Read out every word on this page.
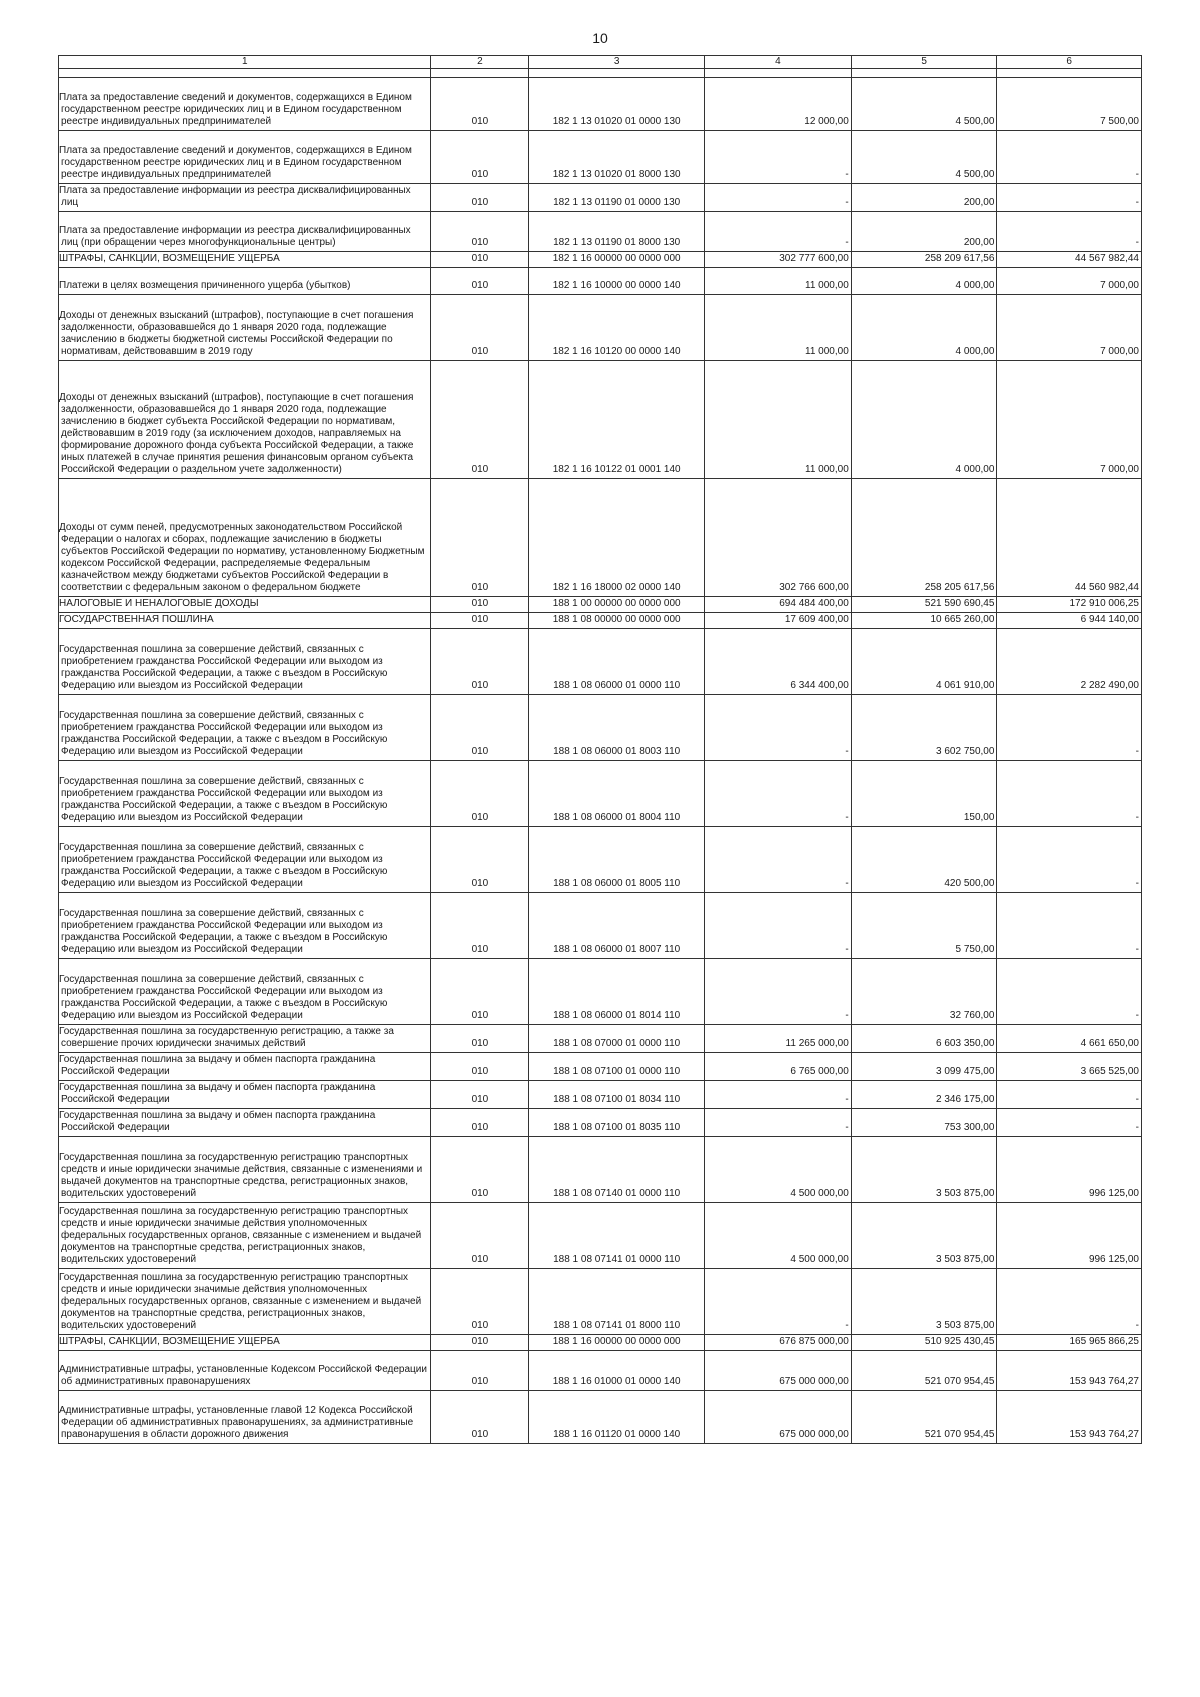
10
1	2	3	4	5	6

Плата за предоставление сведений и документов, содержащихся в Едином государственном реестре юридических лиц и в Едином государственном реестре индивидуальных предпринимателей	010	182 1 13 01020 01 0000 130	12 000,00	4 500,00	7 500,00
Плата за предоставление сведений и документов, содержащихся в Едином государственном реестре юридических лиц и в Едином государственном реестре индивидуальных предпринимателей	010	182 1 13 01020 01 8000 130	-	4 500,00	-
Плата за предоставление информации из реестра дисквалифицированных лиц	010	182 1 13 01190 01 0000 130	-	200,00	-
Плата за предоставление информации из реестра дисквалифицированных лиц (при обращении через многофункциональные центры)	010	182 1 13 01190 01 8000 130	-	200,00	-
ШТРАФЫ, САНКЦИИ, ВОЗМЕЩЕНИЕ УЩЕРБА	010	182 1 16 00000 00 0000 000	302 777 600,00	258 209 617,56	44 567 982,44
Платежи в целях возмещения причиненного ущерба (убытков)	010	182 1 16 10000 00 0000 140	11 000,00	4 000,00	7 000,00
Доходы от денежных взысканий (штрафов), поступающие в счет погашения задолженности, образовавшейся до 1 января 2020 года, подлежащие зачислению в бюджеты бюджетной системы Российской Федерации по нормативам, действовавшим в 2019 году	010	182 1 16 10120 00 0000 140	11 000,00	4 000,00	7 000,00
Доходы от денежных взысканий (штрафов), поступающие в счет погашения задолженности, образовавшейся до 1 января 2020 года, подлежащие зачислению в бюджет субъекта Российской Федерации по нормативам, действовавшим в 2019 году (за исключением доходов, направляемых на формирование дорожного фонда субъекта Российской Федерации, а также иных платежей в случае принятия решения финансовым органом субъекта Российской Федерации о раздельном учете задолженности)	010	182 1 16 10122 01 0001 140	11 000,00	4 000,00	7 000,00
Доходы от сумм пеней, предусмотренных законодательством Российской Федерации о налогах и сборах, подлежащие зачислению в бюджеты субъектов Российской Федерации по нормативу, установленному Бюджетным кодексом Российской Федерации, распределяемые Федеральным казначейством между бюджетами субъектов Российской Федерации в соответствии с федеральным законом о федеральном бюджете	010	182 1 16 18000 02 0000 140	302 766 600,00	258 205 617,56	44 560 982,44
НАЛОГОВЫЕ И НЕНАЛОГОВЫЕ ДОХОДЫ	010	188 1 00 00000 00 0000 000	694 484 400,00	521 590 690,45	172 910 006,25
ГОСУДАРСТВЕННАЯ ПОШЛИНА	010	188 1 08 00000 00 0000 000	17 609 400,00	10 665 260,00	6 944 140,00
Государственная пошлина за совершение действий, связанных с приобретением гражданства Российской Федерации или выходом из гражданства Российской Федерации, а также с въездом в Российскую Федерацию или выездом из Российской Федерации	010	188 1 08 06000 01 0000 110	6 344 400,00	4 061 910,00	2 282 490,00
Государственная пошлина за совершение действий, связанных с приобретением гражданства Российской Федерации или выходом из гражданства Российской Федерации, а также с въездом в Российскую Федерацию или выездом из Российской Федерации	010	188 1 08 06000 01 8003 110	-	3 602 750,00	-
Государственная пошлина за совершение действий, связанных с приобретением гражданства Российской Федерации или выходом из гражданства Российской Федерации, а также с въездом в Российскую Федерацию или выездом из Российской Федерации	010	188 1 08 06000 01 8004 110	-	150,00	-
Государственная пошлина за совершение действий, связанных с приобретением гражданства Российской Федерации или выходом из гражданства Российской Федерации, а также с въездом в Российскую Федерацию или выездом из Российской Федерации	010	188 1 08 06000 01 8005 110	-	420 500,00	-
Государственная пошлина за совершение действий, связанных с приобретением гражданства Российской Федерации или выходом из гражданства Российской Федерации, а также с въездом в Российскую Федерацию или выездом из Российской Федерации	010	188 1 08 06000 01 8007 110	-	5 750,00	-
Государственная пошлина за совершение действий, связанных с приобретением гражданства Российской Федерации или выходом из гражданства Российской Федерации, а также с въездом в Российскую Федерацию или выездом из Российской Федерации	010	188 1 08 06000 01 8014 110	-	32 760,00	-
Государственная пошлина за государственную регистрацию, а также за совершение прочих юридически значимых действий	010	188 1 08 07000 01 0000 110	11 265 000,00	6 603 350,00	4 661 650,00
Государственная пошлина за выдачу и обмен паспорта гражданина Российской Федерации	010	188 1 08 07100 01 0000 110	6 765 000,00	3 099 475,00	3 665 525,00
Государственная пошлина за выдачу и обмен паспорта гражданина Российской Федерации	010	188 1 08 07100 01 8034 110	-	2 346 175,00	-
Государственная пошлина за выдачу и обмен паспорта гражданина Российской Федерации	010	188 1 08 07100 01 8035 110	-	753 300,00	-
Государственная пошлина за государственную регистрацию транспортных средств и иные юридически значимые действия, связанные с изменениями и выдачей документов на транспортные средства, регистрационных знаков, водительских удостоверений	010	188 1 08 07140 01 0000 110	4 500 000,00	3 503 875,00	996 125,00
Государственная пошлина за государственную регистрацию транспортных средств и иные юридически значимые действия уполномоченных федеральных государственных органов, связанные с изменением и выдачей документов на транспортные средства, регистрационных знаков, водительских удостоверений	010	188 1 08 07141 01 0000 110	4 500 000,00	3 503 875,00	996 125,00
Государственная пошлина за государственную регистрацию транспортных средств и иные юридически значимые действия уполномоченных федеральных государственных органов, связанные с изменением и выдачей документов на транспортные средства, регистрационных знаков, водительских удостоверений	010	188 1 08 07141 01 8000 110	-	3 503 875,00	-
ШТРАФЫ, САНКЦИИ, ВОЗМЕЩЕНИЕ УЩЕРБА	010	188 1 16 00000 00 0000 000	676 875 000,00	510 925 430,45	165 965 866,25
Административные штрафы, установленные Кодексом Российской Федерации об административных правонарушениях	010	188 1 16 01000 01 0000 140	675 000 000,00	521 070 954,45	153 943 764,27
Административные штрафы, установленные главой 12 Кодекса Российской Федерации об административных правонарушениях, за административные правонарушения в области дорожного движения	010	188 1 16 01120 01 0000 140	675 000 000,00	521 070 954,45	153 943 764,27
